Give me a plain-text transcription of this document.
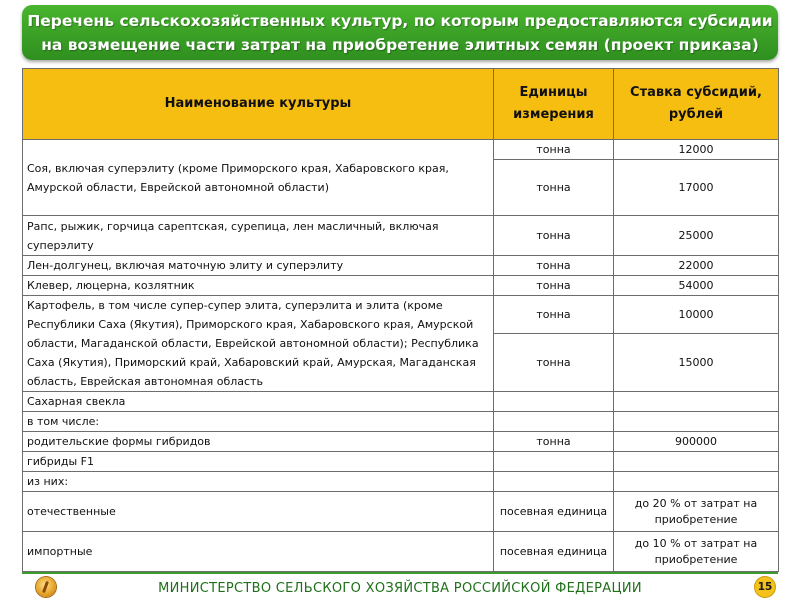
Перечень сельскохозяйственных культур, по которым предоставляются субсидии
на возмещение части затрат на приобретение элитных семян (проект приказа)
Наименование культуры	Единицы измерения	Ставка субсидий, рублей
Соя, включая суперэлиту (кроме Приморского края, Хабаровского края, Амурской области, Еврейской автономной области)	тонна	12000
	тонна	17000
Рапс, рыжик, горчица сарептская, сурепица, лен масличный, включая суперэлиту	тонна	25000
Лен-долгунец, включая маточную элиту и суперэлиту	тонна	22000
Клевер, люцерна, козлятник	тонна	54000
Картофель, в том числе супер-супер элита, суперэлита и элита (кроме Республики Саха (Якутия), Приморского края, Хабаровского края, Амурской области, Магаданской области, Еврейской автономной области); Республика Саха (Якутия), Приморский край, Хабаровский край, Амурская, Магаданская область, Еврейская автономная область	тонна	10000
	тонна	15000
Сахарная свекла		
в том числе:		
родительские формы гибридов	тонна	900000
гибриды F1		
из них:		
отечественные	посевная единица	до 20 % от затрат на приобретение
импортные	посевная единица	до 10 % от затрат на приобретение
МИНИСТЕРСТВО СЕЛЬСКОГО ХОЗЯЙСТВА РОССИЙСКОЙ ФЕДЕРАЦИИ	15
